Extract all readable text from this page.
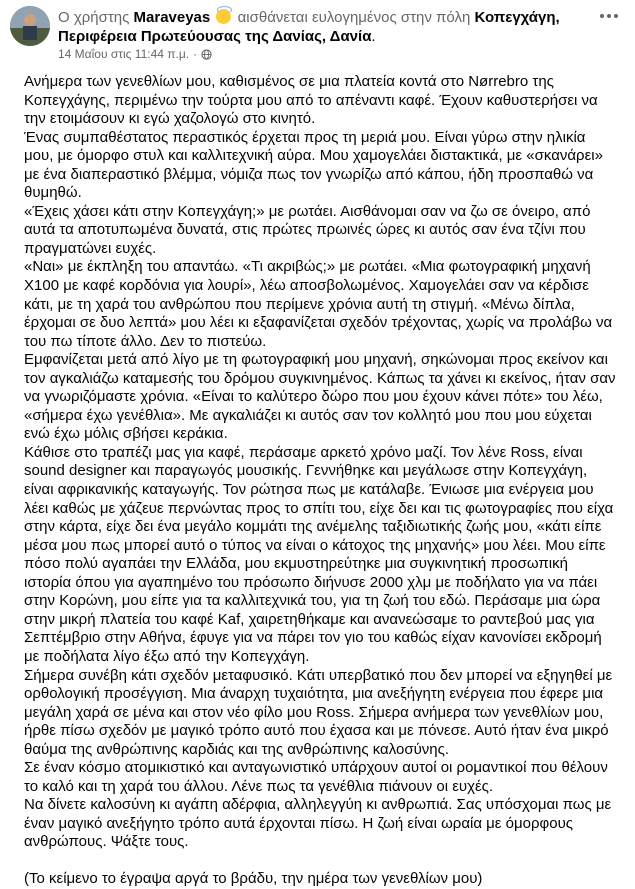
Ο χρήστης Maraveyas αισθάνεται ευλογημένος στην πόλη Κοπεγχάγη, Περιφέρεια Πρωτεύουσας της Δανίας, Δανία.
14 Μαΐου στις 11:44 π.μ. ·

Ανήμερα των γενεθλίων μου, καθισμένος σε μια πλατεία κοντά στο Nørrebro της Κοπεγχάγης, περιμένω την τούρτα μου από το απέναντι καφέ. Έχουν καθυστερήσει να την ετοιμάσουν κι εγώ χαζολογώ στο κινητό.

Ένας συμπαθέστατος περαστικός έρχεται προς τη μεριά μου. Είναι γύρω στην ηλικία μου, με όμορφο στυλ και καλλιτεχνική αύρα. Μου χαμογελάει διστακτικά, με «σκανάρει» με ένα διαπεραστικό βλέμμα, νόμιζα πως τον γνωρίζω από κάπου, ήδη προσπαθώ να θυμηθώ.

«Έχεις χάσει κάτι στην Κοπεγχάγη;» με ρωτάει. Αισθάνομαι σαν να ζω σε όνειρο, από αυτά τα αποτυπωμένα δυνατά, στις πρώτες πρωινές ώρες κι αυτός σαν ένα τζίνι που πραγματώνει ευχές.

«Ναι» με έκπληξη του απαντάω. «Τι ακριβώς;» με ρωτάει. «Μια φωτογραφική μηχανή X100 με καφέ κορδόνια για λουρί», λέω αποσβολωμένος. Χαμογελάει σαν να κέρδισε κάτι, με τη χαρά του ανθρώπου που περίμενε χρόνια αυτή τη στιγμή. «Μένω δίπλα, έρχομαι σε δυο λεπτά» μου λέει κι εξαφανίζεται σχεδόν τρέχοντας, χωρίς να προλάβω να του πω τίποτε άλλο. Δεν το πιστεύω.

Εμφανίζεται μετά από λίγο με τη φωτογραφική μου μηχανή, σηκώνομαι προς εκείνον και τον αγκαλιάζω καταμεσής του δρόμου συγκινημένος. Κάπως τα χάνει κι εκείνος, ήταν σαν να γνωριζόμαστε χρόνια. «Είναι το καλύτερο δώρο που μου έχουν κάνει πότε» του λέω, «σήμερα έχω γενέθλια». Με αγκαλιάζει κι αυτός σαν τον κολλητό μου που μου εύχεται ενώ έχω μόλις σβήσει κεράκια.

Κάθισε στο τραπέζι μας για καφέ, περάσαμε αρκετό χρόνο μαζί. Τον λένε Ross, είναι sound designer και παραγωγός μουσικής. Γεννήθηκε και μεγάλωσε στην Κοπεγχάγη, είναι αφρικανικής καταγωγής. Τον ρώτησα πως με κατάλαβε. Ένιωσε μια ενέργεια μου λέει καθώς με χάζευε περνώντας προς το σπίτι του, είχε δει και τις φωτογραφίες που είχα στην κάρτα, είχε δει ένα μεγάλο κομμάτι της ανέμελης ταξιδιωτικής ζωής μου, «κάτι είπε μέσα μου πως μπορεί αυτό ο τύπος να είναι ο κάτοχος της μηχανής» μου λέει. Μου είπε πόσο πολύ αγαπάει την Ελλάδα, μου εκμυστηρεύτηκε μια συγκινητική προσωπική ιστορία όπου για αγαπημένο του πρόσωπο διήνυσε 2000 χλμ με ποδήλατο για να πάει στην Κορώνη, μου είπε για τα καλλιτεχνικά του, για τη ζωή του εδώ. Περάσαμε μια ώρα στην μικρή πλατεία του καφέ Kaf, χαιρετηθήκαμε και ανανεώσαμε το ραντεβού μας για Σεπτέμβριο στην Αθήνα, έφυγε για να πάρει τον γιο του καθώς είχαν κανονίσει εκδρομή με ποδήλατα λίγο έξω από την Κοπεγχάγη.

Σήμερα συνέβη κάτι σχεδόν μεταφυσικό. Κάτι υπερβατικό που δεν μπορεί να εξηγηθεί με ορθολογική προσέγγιση. Μια άναρχη τυχαιότητα, μια ανεξήγητη ενέργεια που έφερε μια μεγάλη χαρά σε μένα και στον νέο φίλο μου Ross. Σήμερα ανήμερα των γενεθλίων μου, ήρθε πίσω σχεδόν με μαγικό τρόπο αυτό που έχασα και με πόνεσε. Αυτό ήταν ένα μικρό θαύμα της ανθρώπινης καρδιάς και της ανθρώπινης καλοσύνης.

Σε έναν κόσμο ατομικιστικό και ανταγωνιστικό υπάρχουν αυτοί οι ρομαντικοί που θέλουν το καλό και τη χαρά του άλλου. Λένε πως τα γενέθλια πιάνουν οι ευχές.

Να δίνετε καλοσύνη κι αγάπη αδέρφια, αλληλεγγύη κι ανθρωπιά. Σας υπόσχομαι πως με έναν μαγικό ανεξήγητο τρόπο αυτά έρχονται πίσω. Η ζωή είναι ωραία με όμορφους ανθρώπους. Ψάξτε τους.

(Το κείμενο το έγραψα αργά το βράδυ, την ημέρα των γενεθλίων μου)
